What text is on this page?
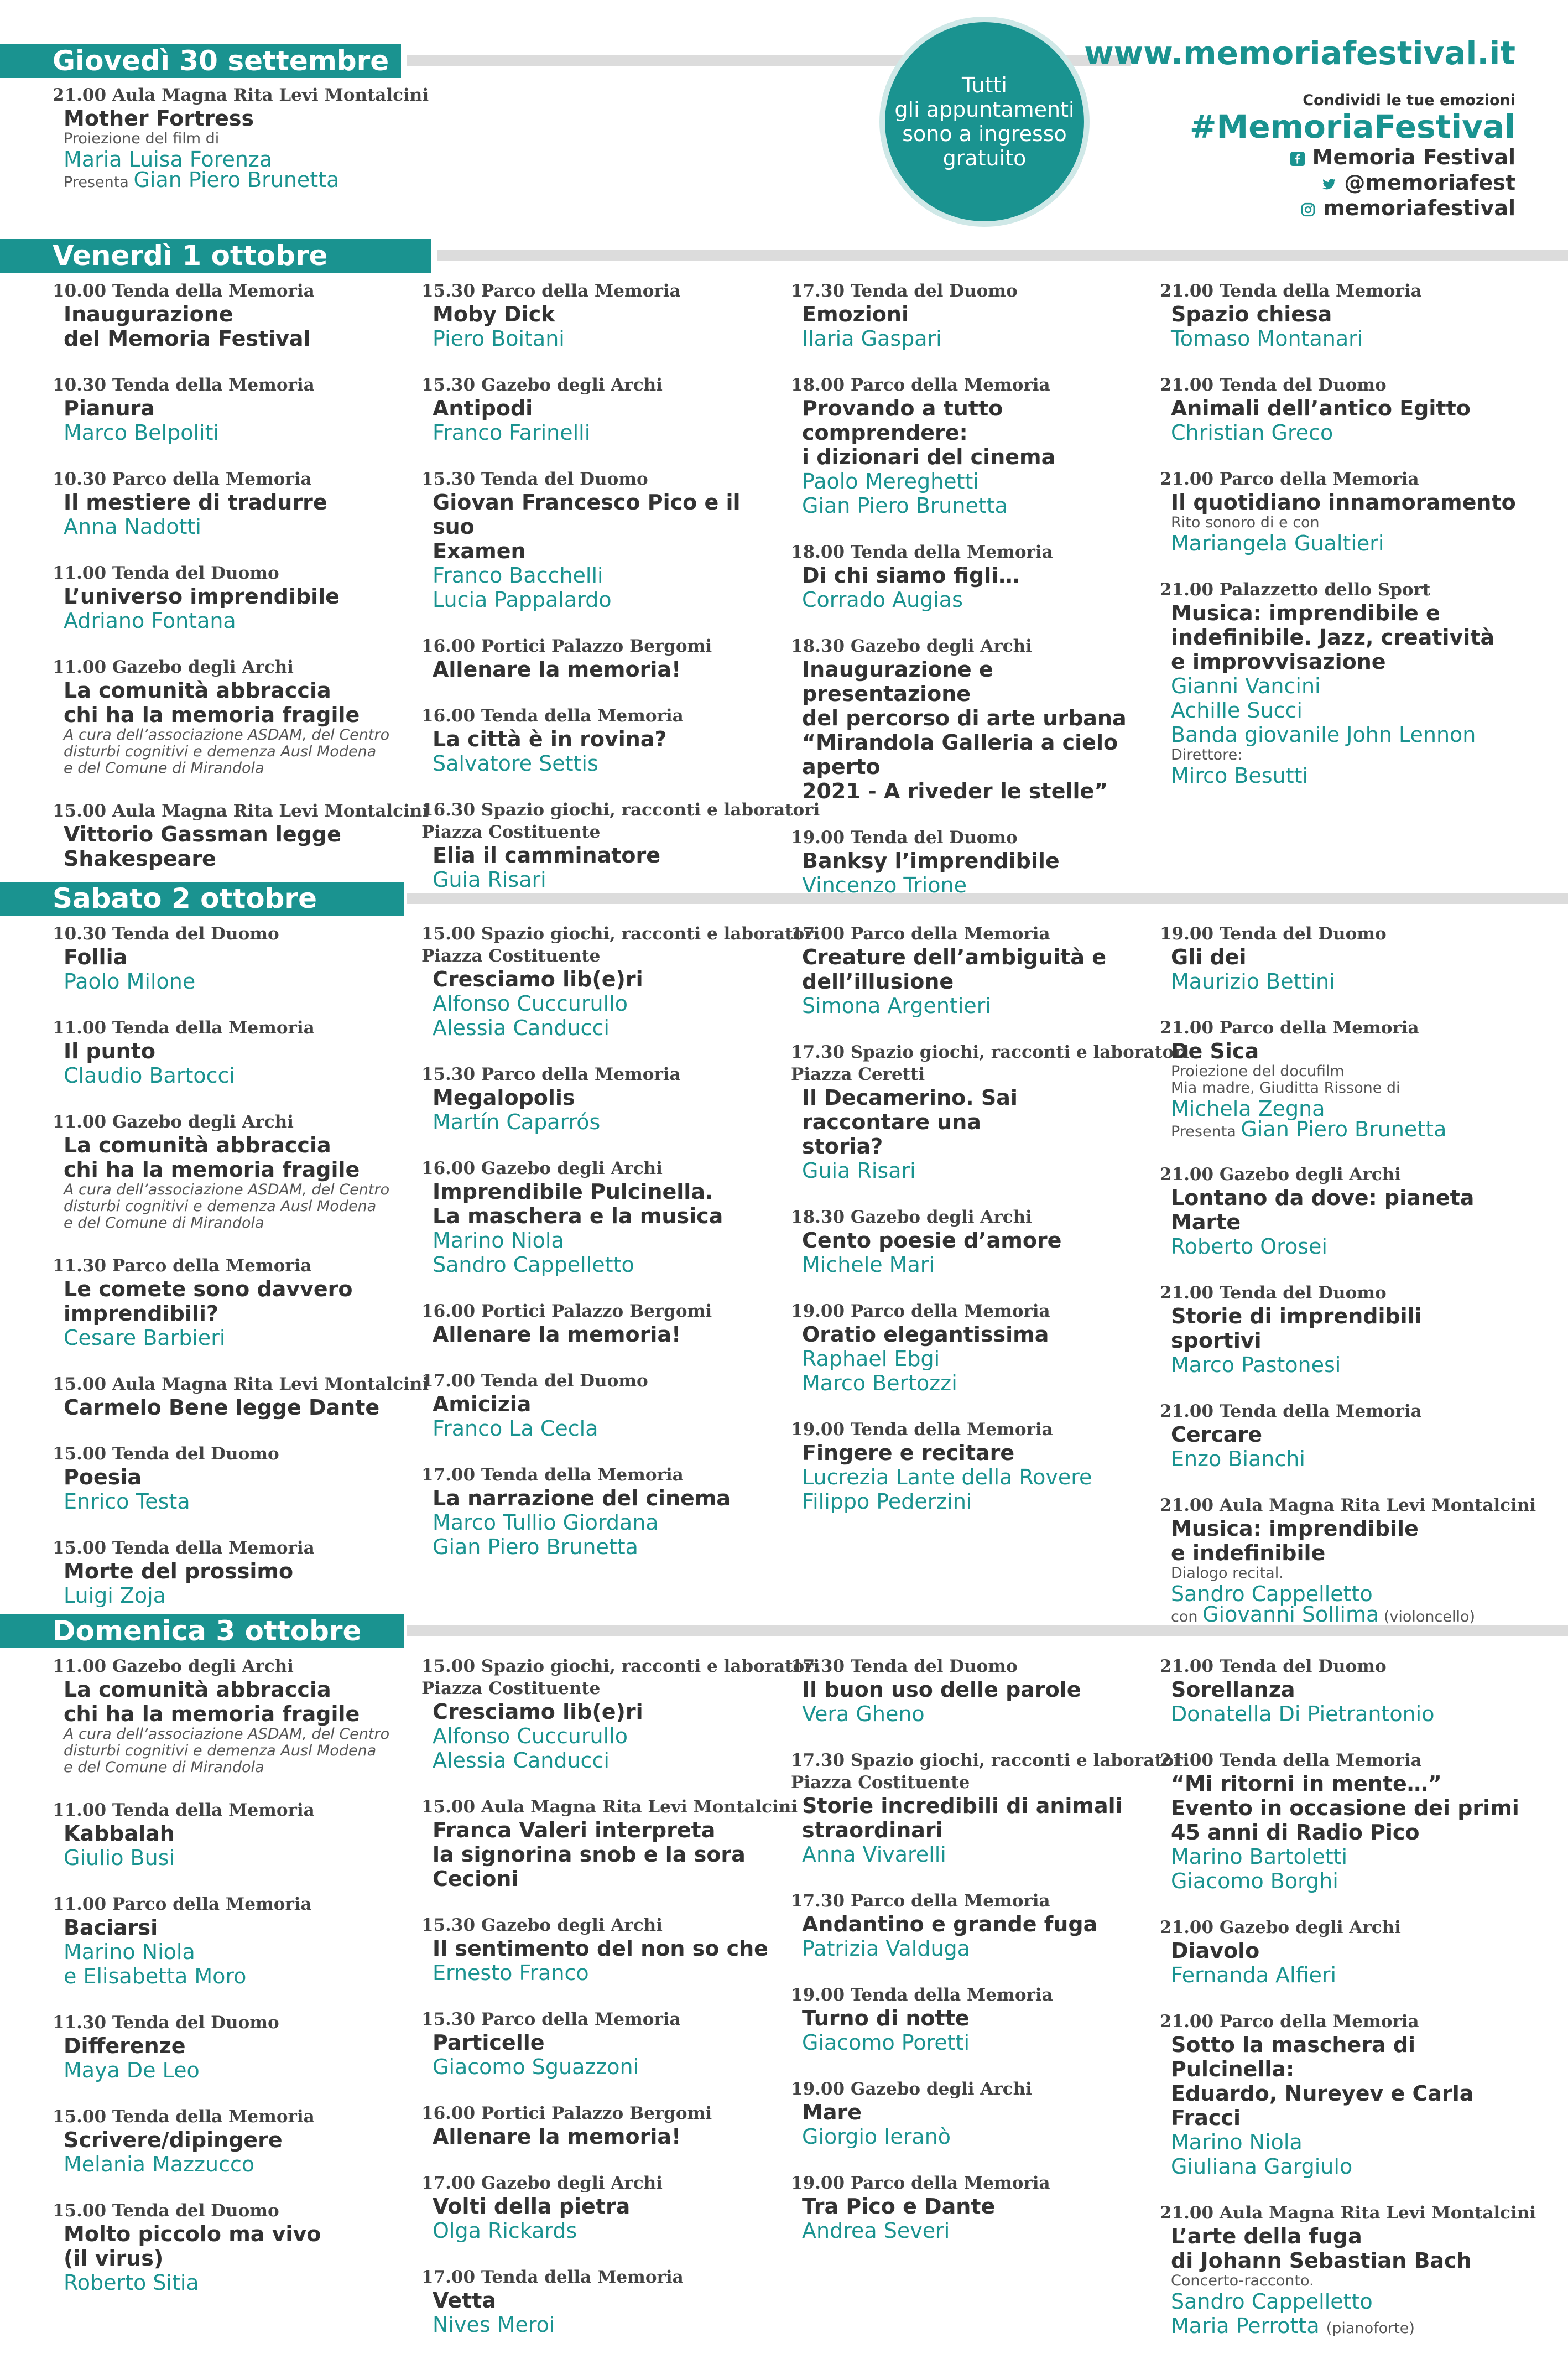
Giovedì 30 settembre
Venerdì 1 ottobre
Sabato 2 ottobre
Domenica 3 ottobre
Tutti
gli appuntamenti
sono a ingresso
gratuito
www.memoriafestival.it
Condividi le tue emozioni
#MemoriaFestival
Memoria Festival
@memoriafest
memoriafestival
21.00 Aula Magna Rita Levi Montalcini
Mother Fortress
Proiezione del film di
Maria Luisa Forenza
Presenta Gian Piero Brunetta
10.00 Tenda della Memoria
Inaugurazione
del Memoria Festival
10.30 Tenda della Memoria
Pianura
Marco Belpoliti
10.30 Parco della Memoria
Il mestiere di tradurre
Anna Nadotti
11.00 Tenda del Duomo
L’universo imprendibile
Adriano Fontana
11.00 Gazebo degli Archi
La comunità abbraccia
chi ha la memoria fragile
A cura dell’associazione ASDAM, del Centro
disturbi cognitivi e demenza Ausl Modena
e del Comune di Mirandola
15.00 Aula Magna Rita Levi Montalcini
Vittorio Gassman legge
Shakespeare
15.30 Parco della Memoria
Moby Dick
Piero Boitani
15.30 Gazebo degli Archi
Antipodi
Franco Farinelli
15.30 Tenda del Duomo
Giovan Francesco Pico e il suo
Examen
Franco Bacchelli
Lucia Pappalardo
16.00 Portici Palazzo Bergomi
Allenare la memoria!
16.00 Tenda della Memoria
La città è in rovina?
Salvatore Settis
16.30 Spazio giochi, racconti e laboratori
Piazza Costituente
Elia il camminatore
Guia Risari
17.30 Tenda del Duomo
Emozioni
Ilaria Gaspari
18.00 Parco della Memoria
Provando a tutto comprendere:
i dizionari del cinema
Paolo Mereghetti
Gian Piero Brunetta
18.00 Tenda della Memoria
Di chi siamo figli…
Corrado Augias
18.30 Gazebo degli Archi
Inaugurazione e presentazione
del percorso di arte urbana
“Mirandola Galleria a cielo aperto
2021 - A riveder le stelle”
19.00 Tenda del Duomo
Banksy l’imprendibile
Vincenzo Trione
21.00 Tenda della Memoria
Spazio chiesa
Tomaso Montanari
21.00 Tenda del Duomo
Animali dell’antico Egitto
Christian Greco
21.00 Parco della Memoria
Il quotidiano innamoramento
Rito sonoro di e con
Mariangela Gualtieri
21.00 Palazzetto dello Sport
Musica: imprendibile e
indefinibile. Jazz, creatività
e improvvisazione
Gianni Vancini
Achille Succi
Banda giovanile John Lennon
Direttore:
Mirco Besutti
10.30 Tenda del Duomo
Follia
Paolo Milone
11.00 Tenda della Memoria
Il punto
Claudio Bartocci
11.00 Gazebo degli Archi
La comunità abbraccia
chi ha la memoria fragile
A cura dell’associazione ASDAM, del Centro
disturbi cognitivi e demenza Ausl Modena
e del Comune di Mirandola
11.30 Parco della Memoria
Le comete sono davvero
imprendibili?
Cesare Barbieri
15.00 Aula Magna Rita Levi Montalcini
Carmelo Bene legge Dante
15.00 Tenda del Duomo
Poesia
Enrico Testa
15.00 Tenda della Memoria
Morte del prossimo
Luigi Zoja
15.00 Spazio giochi, racconti e laboratori
Piazza Costituente
Cresciamo lib(e)ri
Alfonso Cuccurullo
Alessia Canducci
15.30 Parco della Memoria
Megalopolis
Martín Caparrós
16.00 Gazebo degli Archi
Imprendibile Pulcinella.
La maschera e la musica
Marino Niola
Sandro Cappelletto
16.00 Portici Palazzo Bergomi
Allenare la memoria!
17.00 Tenda del Duomo
Amicizia
Franco La Cecla
17.00 Tenda della Memoria
La narrazione del cinema
Marco Tullio Giordana
Gian Piero Brunetta
17.00 Parco della Memoria
Creature dell’ambiguità e
dell’illusione
Simona Argentieri
17.30 Spazio giochi, racconti e laboratori
Piazza Ceretti
Il Decamerino. Sai raccontare una
storia?
Guia Risari
18.30 Gazebo degli Archi
Cento poesie d’amore
Michele Mari
19.00 Parco della Memoria
Oratio elegantissima
Raphael Ebgi
Marco Bertozzi
19.00 Tenda della Memoria
Fingere e recitare
Lucrezia Lante della Rovere
Filippo Pederzini
19.00 Tenda del Duomo
Gli dei
Maurizio Bettini
21.00 Parco della Memoria
De Sica
Proiezione del docufilm
Mia madre, Giuditta Rissone di
Michela Zegna
Presenta Gian Piero Brunetta
21.00 Gazebo degli Archi
Lontano da dove: pianeta Marte
Roberto Orosei
21.00 Tenda del Duomo
Storie di imprendibili sportivi
Marco Pastonesi
21.00 Tenda della Memoria
Cercare
Enzo Bianchi
21.00 Aula Magna Rita Levi Montalcini
Musica: imprendibile
e indefinibile
Dialogo recital.
Sandro Cappelletto
con Giovanni Sollima (violoncello)
11.00 Gazebo degli Archi
La comunità abbraccia
chi ha la memoria fragile
A cura dell’associazione ASDAM, del Centro
disturbi cognitivi e demenza Ausl Modena
e del Comune di Mirandola
11.00 Tenda della Memoria
Kabbalah
Giulio Busi
11.00 Parco della Memoria
Baciarsi
Marino Niola
e Elisabetta Moro
11.30 Tenda del Duomo
Differenze
Maya De Leo
15.00 Tenda della Memoria
Scrivere/dipingere
Melania Mazzucco
15.00 Tenda del Duomo
Molto piccolo ma vivo
(il virus)
Roberto Sitia
15.00 Spazio giochi, racconti e laboratori
Piazza Costituente
Cresciamo lib(e)ri
Alfonso Cuccurullo
Alessia Canducci
15.00 Aula Magna Rita Levi Montalcini
Franca Valeri interpreta
la signorina snob e la sora
Cecioni
15.30 Gazebo degli Archi
Il sentimento del non so che
Ernesto Franco
15.30 Parco della Memoria
Particelle
Giacomo Sguazzoni
16.00 Portici Palazzo Bergomi
Allenare la memoria!
17.00 Gazebo degli Archi
Volti della pietra
Olga Rickards
17.00 Tenda della Memoria
Vetta
Nives Meroi
17.30 Tenda del Duomo
Il buon uso delle parole
Vera Gheno
17.30 Spazio giochi, racconti e laboratori
Piazza Costituente
Storie incredibili di animali
straordinari
Anna Vivarelli
17.30 Parco della Memoria
Andantino e grande fuga
Patrizia Valduga
19.00 Tenda della Memoria
Turno di notte
Giacomo Poretti
19.00 Gazebo degli Archi
Mare
Giorgio Ieranò
19.00 Parco della Memoria
Tra Pico e Dante
Andrea Severi
21.00 Tenda del Duomo
Sorellanza
Donatella Di Pietrantonio
21.00 Tenda della Memoria
“Mi ritorni in mente…”
Evento in occasione dei primi
45 anni di Radio Pico
Marino Bartoletti
Giacomo Borghi
21.00 Gazebo degli Archi
Diavolo
Fernanda Alfieri
21.00 Parco della Memoria
Sotto la maschera di Pulcinella:
Eduardo, Nureyev e Carla Fracci
Marino Niola
Giuliana Gargiulo
21.00 Aula Magna Rita Levi Montalcini
L’arte della fuga
di Johann Sebastian Bach
Concerto-racconto.
Sandro Cappelletto
Maria Perrotta (pianoforte)
